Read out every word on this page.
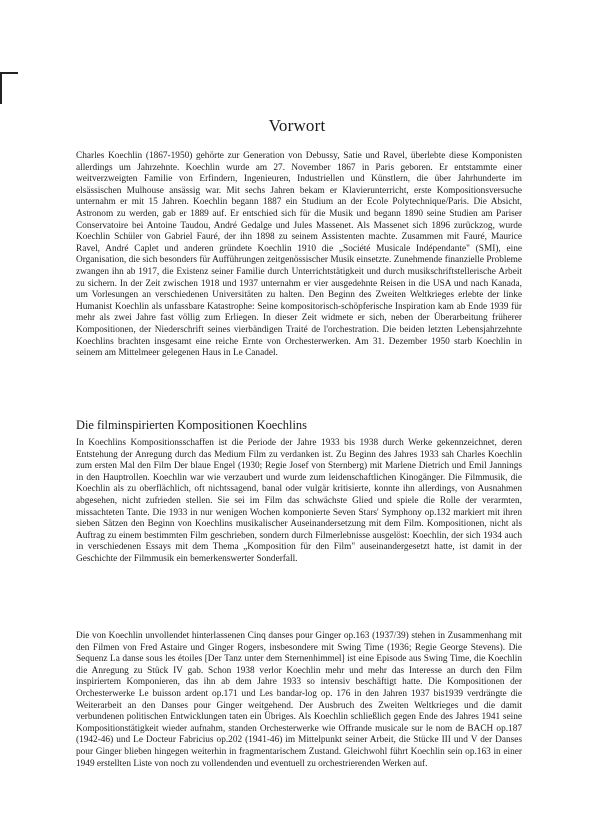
Vorwort

Charles Koechlin (1867-1950) gehörte zur Generation von Debussy, Satie und Ravel, überlebte diese Komponisten allerdings um Jahrzehnte. Koechlin wurde am 27. November 1867 in Paris geboren. Er entstammte einer weitverzweigten Familie von Erfindern, Ingenieuren, Industriellen und Künstlern, die über Jahrhunderte im elsässischen Mulhouse ansässig war. Mit sechs Jahren bekam er Klavierunterricht, erste Kompositionsversuche unternahm er mit 15 Jahren. Koechlin begann 1887 ein Studium an der Ecole Polytechnique/Paris. Die Absicht, Astronom zu werden, gab er 1889 auf. Er entschied sich für die Musik und begann 1890 seine Studien am Pariser Conservatoire bei Antoine Taudou, André Gedalge und Jules Massenet. Als Massenet sich 1896 zurückzog, wurde Koechlin Schüler von Gabriel Fauré, der ihn 1898 zu seinem Assistenten machte. Zusammen mit Fauré, Maurice Ravel, André Caplet und anderen gründete Koechlin 1910 die „Société Musicale Indépendante" (SMI), eine Organisation, die sich besonders für Aufführungen zeitgenössischer Musik einsetzte. Zunehmende finanzielle Probleme zwangen ihn ab 1917, die Existenz seiner Familie durch Unterrichtstätigkeit und durch musikschriftstellerische Arbeit zu sichern. In der Zeit zwischen 1918 und 1937 unternahm er vier ausgedehnte Reisen in die USA und nach Kanada, um Vorlesungen an verschiedenen Universitäten zu halten. Den Beginn des Zweiten Weltkrieges erlebte der linke Humanist Koechlin als unfassbare Katastrophe: Seine kompositorisch-schöpferische Inspiration kam ab Ende 1939 für mehr als zwei Jahre fast völlig zum Erliegen. In dieser Zeit widmete er sich, neben der Überarbeitung früherer Kompositionen, der Niederschrift seines vierbändigen Traité de l'orchestration. Die beiden letzten Lebensjahrzehnte Koechlins brachten insgesamt eine reiche Ernte von Orchesterwerken. Am 31. Dezember 1950 starb Koechlin in seinem am Mittelmeer gelegenen Haus in Le Canadel.

Die filminspirierten Kompositionen Koechlins

In Koechlins Kompositionsschaffen ist die Periode der Jahre 1933 bis 1938 durch Werke gekennzeichnet, deren Entstehung der Anregung durch das Medium Film zu verdanken ist. Zu Beginn des Jahres 1933 sah Charles Koechlin zum ersten Mal den Film Der blaue Engel (1930; Regie Josef von Sternberg) mit Marlene Dietrich und Emil Jannings in den Hauptrollen. Koechlin war wie verzaubert und wurde zum leidenschaftlichen Kinogänger. Die Filmmusik, die Koechlin als zu oberflächlich, oft nichtssagend, banal oder vulgär kritisierte, konnte ihn allerdings, von Ausnahmen abgesehen, nicht zufrieden stellen. Sie sei im Film das schwächste Glied und spiele die Rolle der verarmten, missachteten Tante. Die 1933 in nur wenigen Wochen komponierte Seven Stars' Symphony op.132 markiert mit ihren sieben Sätzen den Beginn von Koechlins musikalischer Auseinandersetzung mit dem Film. Kompositionen, nicht als Auftrag zu einem bestimmten Film geschrieben, sondern durch Filmerlebnisse ausgelöst: Koechlin, der sich 1934 auch in verschiedenen Essays mit dem Thema „Komposition für den Film" auseinandergesetzt hatte, ist damit in der Geschichte der Filmmusik ein bemerkenswerter Sonderfall.

Die von Koechlin unvollendet hinterlassenen Cinq danses pour Ginger op.163 (1937/39) stehen in Zusammenhang mit den Filmen von Fred Astaire und Ginger Rogers, insbesondere mit Swing Time (1936; Regie George Stevens). Die Sequenz La danse sous les étoiles [Der Tanz unter dem Sternenhimmel] ist eine Episode aus Swing Time, die Koechlin die Anregung zu Stück IV gab. Schon 1938 verlor Koechlin mehr und mehr das Interesse an durch den Film inspiriertem Komponieren, das ihn ab dem Jahre 1933 so intensiv beschäftigt hatte. Die Kompositionen der Orchesterwerke Le buisson ardent op.171 und Les bandar-log op. 176 in den Jahren 1937 bis1939 verdrängte die Weiterarbeit an den Danses pour Ginger weitgehend. Der Ausbruch des Zweiten Weltkrieges und die damit verbundenen politischen Entwicklungen taten ein Übriges. Als Koechlin schließlich gegen Ende des Jahres 1941 seine Kompositionstätigkeit wieder aufnahm, standen Orchesterwerke wie Offrande musicale sur le nom de BACH op.187 (1942-46) und Le Docteur Fabricius op.202 (1941-46) im Mittelpunkt seiner Arbeit, die Stücke III und V der Danses pour Ginger blieben hingegen weiterhin in fragmentarischem Zustand. Gleichwohl führt Koechlin sein op.163 in einer 1949 erstellten Liste von noch zu vollendenden und eventuell zu orchestrierenden Werken auf.
